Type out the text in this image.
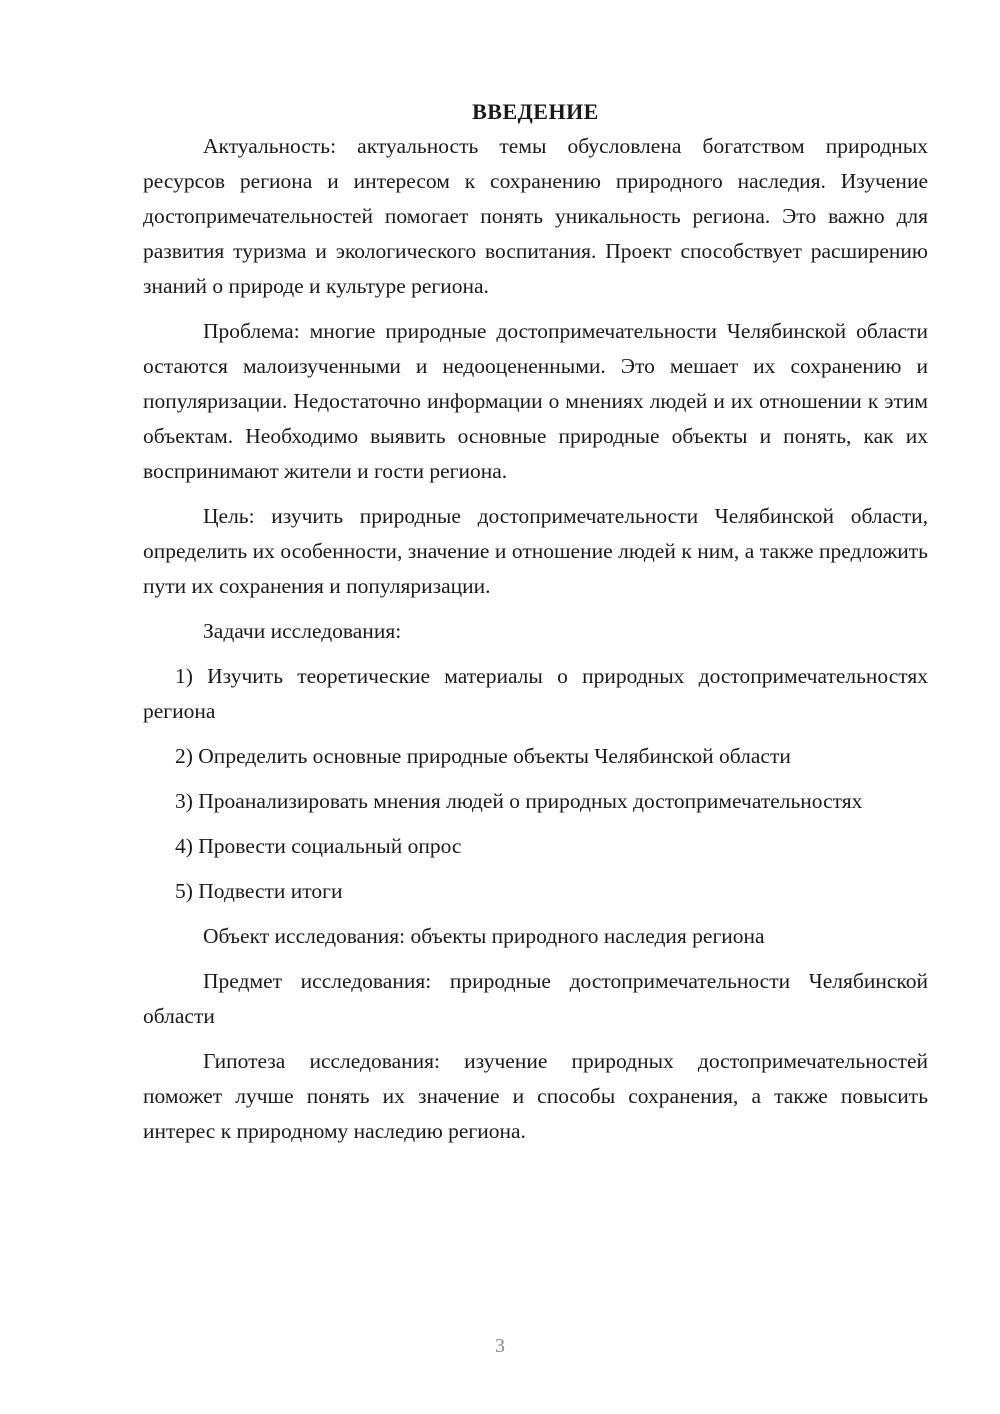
ВВЕДЕНИЕ

Актуальность: актуальность темы обусловлена богатством природных ресурсов региона и интересом к сохранению природного наследия. Изучение достопримечательностей помогает понять уникальность региона. Это важно для развития туризма и экологического воспитания. Проект способствует расширению знаний о природе и культуре региона.

Проблема: многие природные достопримечательности Челябинской области остаются малоизученными и недооцененными. Это мешает их сохранению и популяризации. Недостаточно информации о мнениях людей и их отношении к этим объектам. Необходимо выявить основные природные объекты и понять, как их воспринимают жители и гости региона.

Цель: изучить природные достопримечательности Челябинской области, определить их особенности, значение и отношение людей к ним, а также предложить пути их сохранения и популяризации.

Задачи исследования:

1) Изучить теоретические материалы о природных достопримечательностях региона

2) Определить основные природные объекты Челябинской области

3) Проанализировать мнения людей о природных достопримечательностях

4) Провести социальный опрос

5) Подвести итоги

Объект исследования: объекты природного наследия региона

Предмет исследования: природные достопримечательности Челябинской области

Гипотеза исследования: изучение природных достопримечательностей поможет лучше понять их значение и способы сохранения, а также повысить интерес к природному наследию региона.

3
